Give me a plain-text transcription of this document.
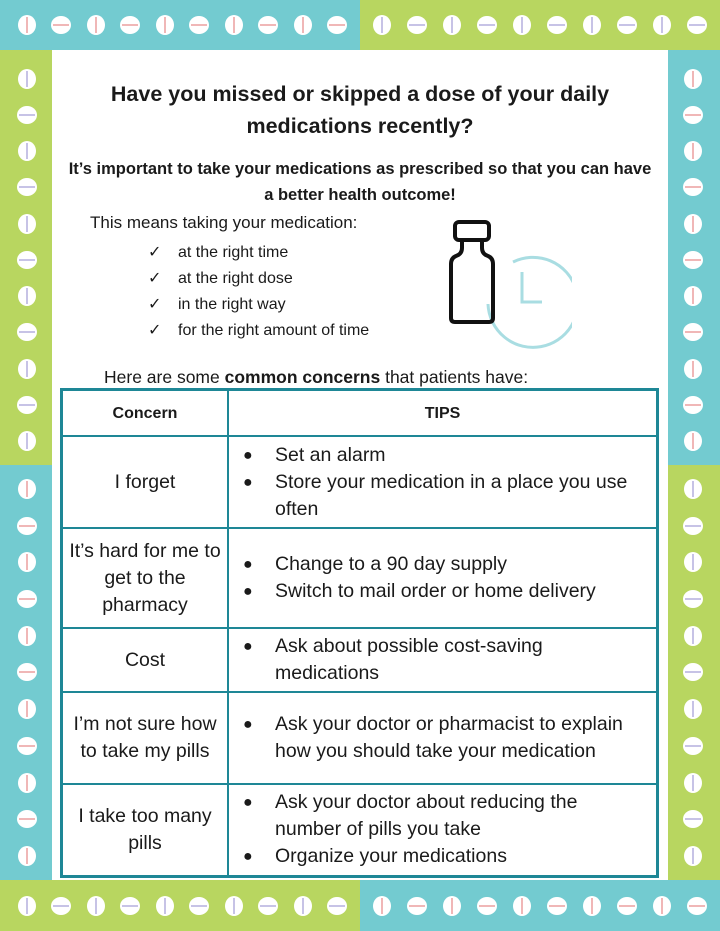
Have you missed or skipped a dose of your daily medications recently?
It’s important to take your medications as prescribed so that you can have a better health outcome!
This means taking your medication:
✓	at the right time
✓	at the right dose
✓	in the right way
✓	for the right amount of time
Here are some common concerns that patients have:
Concern	TIPS
I forget	
●	Set an alarm
●	Store your medication in a place you use often

It’s hard for me to get to the pharmacy	
●	Change to a 90 day supply
●	Switch to mail order or home delivery

Cost	
●	Ask about possible cost-saving medications

I’m not sure how to take my pills	
●	Ask your doctor or pharmacist to explain how you should take your medication

I take too many pills	
●	Ask your doctor about reducing the number of pills you take
●	Organize your medications
